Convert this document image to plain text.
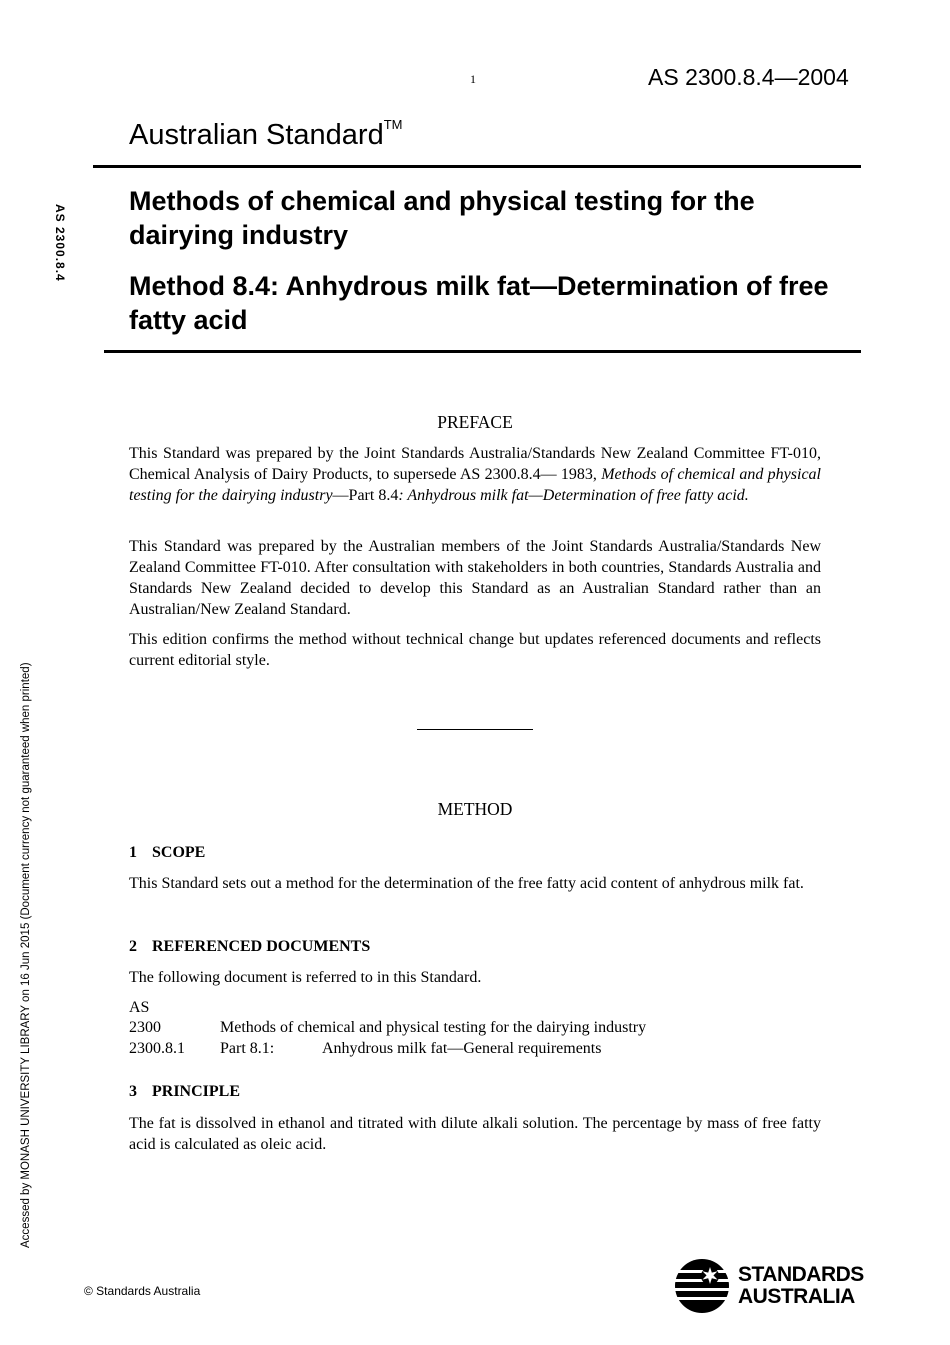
1	AS 2300.8.4—2004
Australian Standard™
Methods of chemical and physical testing for the dairying industry
Method 8.4: Anhydrous milk fat—Determination of free fatty acid
AS 2300.8.4
Accessed by MONASH UNIVERSITY LIBRARY on 16 Jun 2015 (Document currency not guaranteed when printed)
PREFACE
This Standard was prepared by the Joint Standards Australia/Standards New Zealand Committee FT-010, Chemical Analysis of Dairy Products, to supersede AS 2300.8.4— 1983, Methods of chemical and physical testing for the dairying industry—Part 8.4: Anhydrous milk fat—Determination of free fatty acid.
This Standard was prepared by the Australian members of the Joint Standards Australia/Standards New Zealand Committee FT-010. After consultation with stakeholders in both countries, Standards Australia and Standards New Zealand decided to develop this Standard as an Australian Standard rather than an Australian/New Zealand Standard.
This edition confirms the method without technical change but updates referenced documents and reflects current editorial style.
METHOD
1 SCOPE
This Standard sets out a method for the determination of the free fatty acid content of anhydrous milk fat.
2 REFERENCED DOCUMENTS
The following document is referred to in this Standard.
AS
2300	Methods of chemical and physical testing for the dairying industry
2300.8.1 Part 8.1:	Anhydrous milk fat—General requirements
3 PRINCIPLE
The fat is dissolved in ethanol and titrated with dilute alkali solution. The percentage by mass of free fatty acid is calculated as oleic acid.
© Standards Australia
STANDARDS
AUSTRALIA
